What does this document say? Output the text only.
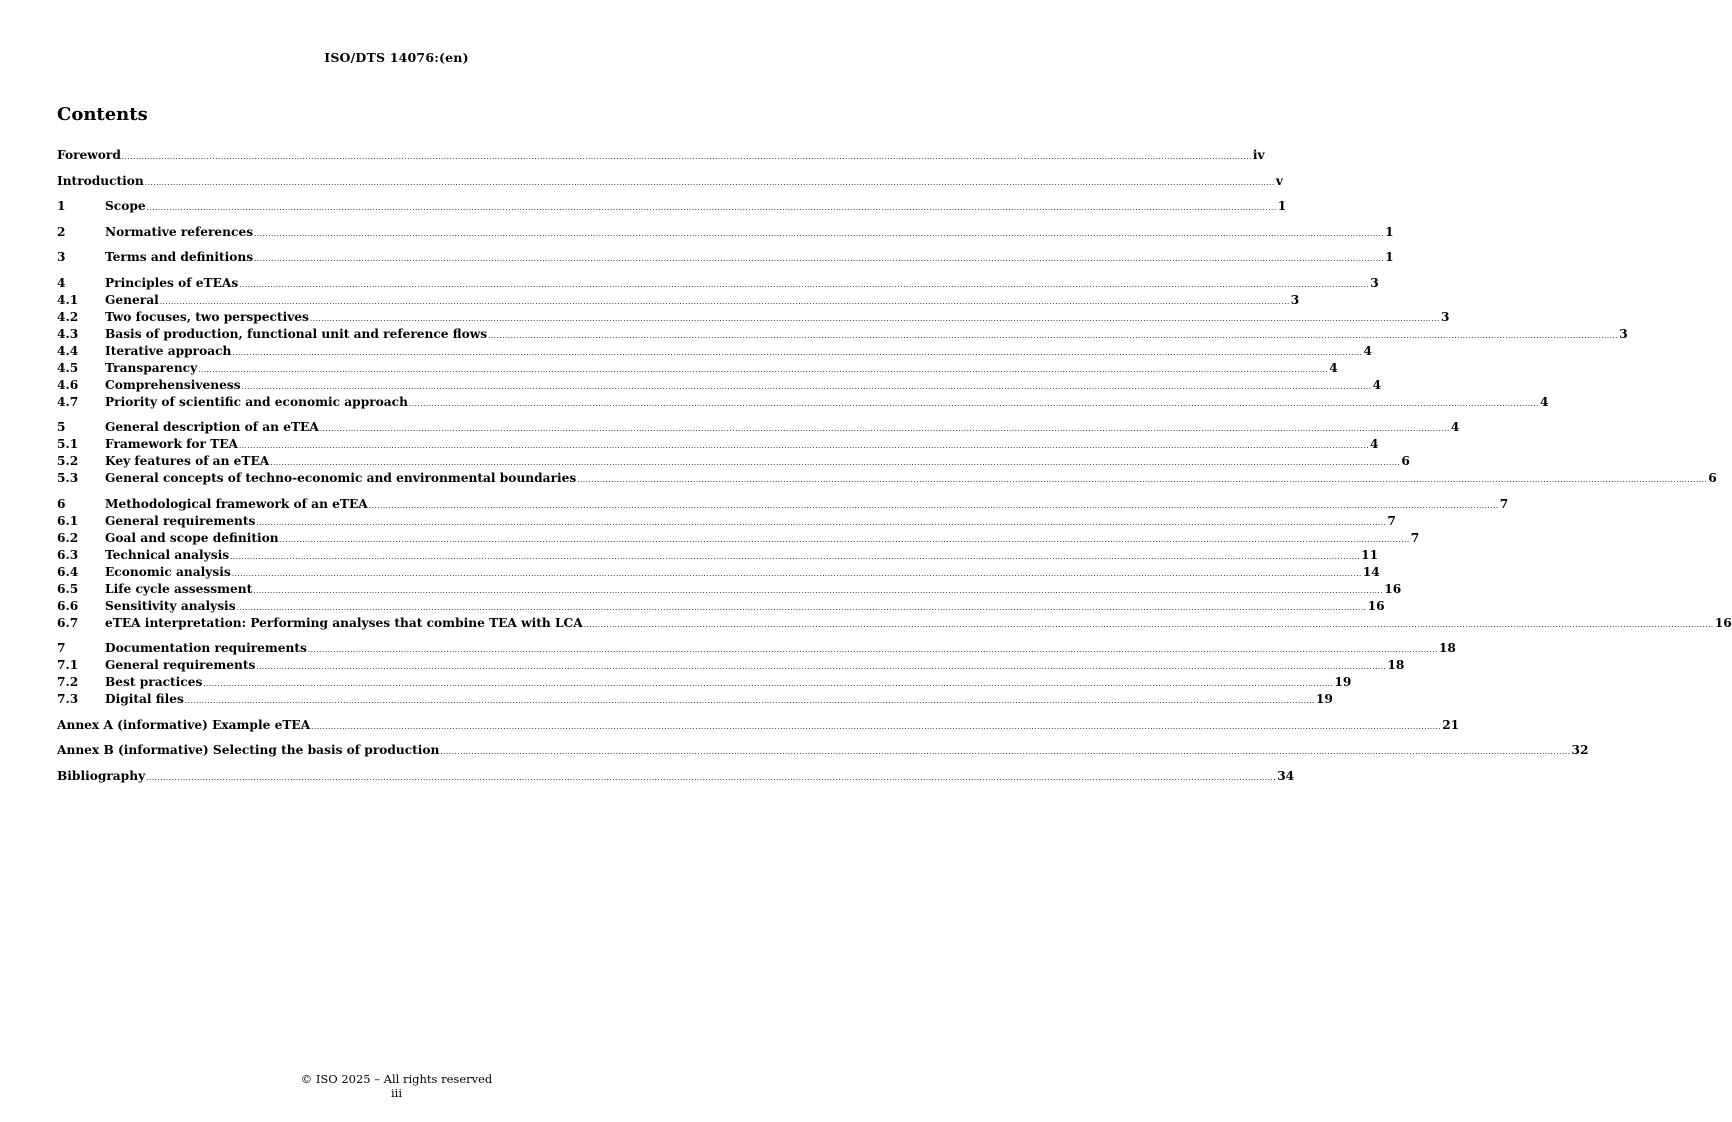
ISO/DTS 14076:(en)
Contents
Foreword ................................................................................................................................................................................................................................................................................................................................................................................................................ iv
Introduction ................................................................................................................................................................................................................................................................................................................................................................................................................ v
1	Scope ................................................................................................................................................................................................................................................................................................................................................................................................................ 1
2	Normative references ................................................................................................................................................................................................................................................................................................................................................................................................................ 1
3	Terms and definitions ................................................................................................................................................................................................................................................................................................................................................................................................................ 1
4	Principles of eTEAs ................................................................................................................................................................................................................................................................................................................................................................................................................ 3
4.1 General ................................................................................................................................................................................................................................................................................................................................................................................................................ 3
4.2 Two focuses, two perspectives ................................................................................................................................................................................................................................................................................................................................................................................................................ 3
4.3 Basis of production, functional unit and reference flows ................................................................................................................................................................................................................................................................................................................................................................................................................ 3
4.4 Iterative approach ................................................................................................................................................................................................................................................................................................................................................................................................................ 4
4.5 Transparency ................................................................................................................................................................................................................................................................................................................................................................................................................ 4
4.6 Comprehensiveness ................................................................................................................................................................................................................................................................................................................................................................................................................ 4
4.7 Priority of scientific and economic approach ................................................................................................................................................................................................................................................................................................................................................................................................................ 4
5	General description of an eTEA ................................................................................................................................................................................................................................................................................................................................................................................................................ 4
5.1 Framework for TEA ................................................................................................................................................................................................................................................................................................................................................................................................................ 4
5.2 Key features of an eTEA ................................................................................................................................................................................................................................................................................................................................................................................................................ 6
5.3 General concepts of techno-economic and environmental boundaries ................................................................................................................................................................................................................................................................................................................................................................................................................ 6
6	Methodological framework of an eTEA ................................................................................................................................................................................................................................................................................................................................................................................................................ 7
6.1 General requirements ................................................................................................................................................................................................................................................................................................................................................................................................................ 7
6.2 Goal and scope definition ................................................................................................................................................................................................................................................................................................................................................................................................................ 7
6.3 Technical analysis ................................................................................................................................................................................................................................................................................................................................................................................................................ 11
6.4 Economic analysis ................................................................................................................................................................................................................................................................................................................................................................................................................ 14
6.5 Life cycle assessment ................................................................................................................................................................................................................................................................................................................................................................................................................ 16
6.6 Sensitivity analysis ................................................................................................................................................................................................................................................................................................................................................................................................................ 16
6.7 eTEA interpretation: Performing analyses that combine TEA with LCA ................................................................................................................................................................................................................................................................................................................................................................................................................ 16
7	Documentation requirements ................................................................................................................................................................................................................................................................................................................................................................................................................ 18
7.1 General requirements ................................................................................................................................................................................................................................................................................................................................................................................................................ 18
7.2 Best practices ................................................................................................................................................................................................................................................................................................................................................................................................................ 19
7.3 Digital files ................................................................................................................................................................................................................................................................................................................................................................................................................ 19
Annex A (informative) Example eTEA ................................................................................................................................................................................................................................................................................................................................................................................................................ 21
Annex B (informative) Selecting the basis of production ................................................................................................................................................................................................................................................................................................................................................................................................................ 32
Bibliography ................................................................................................................................................................................................................................................................................................................................................................................................................ 34
© ISO 2025 – All rights reserved
iii
